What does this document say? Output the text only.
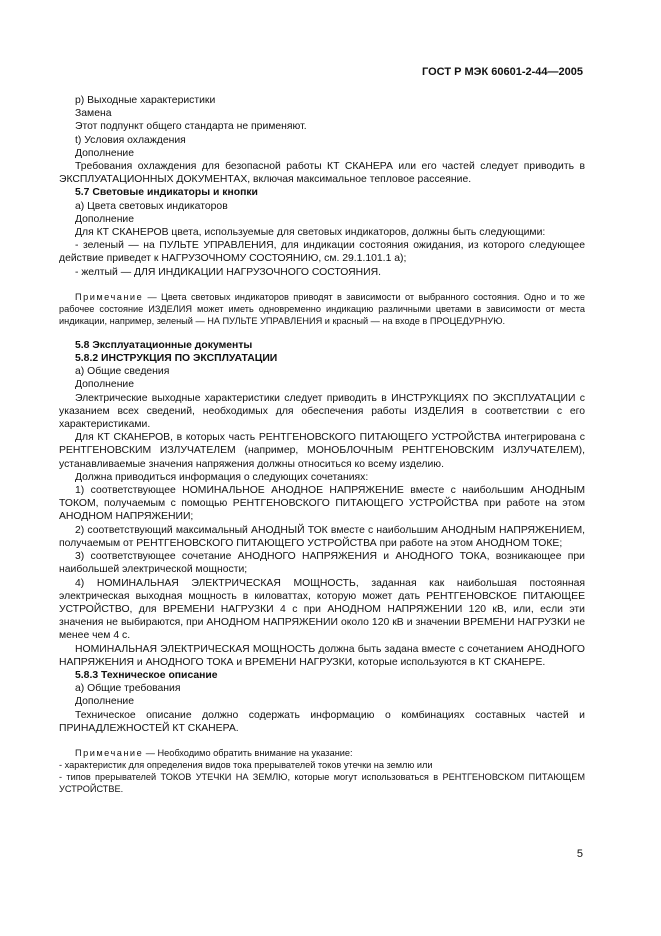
ГОСТ Р МЭК 60601-2-44—2005

р) Выходные характеристики

Замена

Этот подпункт общего стандарта не применяют.

t) Условия охлаждения

Дополнение

Требования охлаждения для безопасной работы КТ СКАНЕРА или его частей следует приводить в ЭКСПЛУАТАЦИОННЫХ ДОКУМЕНТАХ, включая максимальное тепловое рассеяние.

5.7 Световые индикаторы и кнопки

а) Цвета световых индикаторов

Дополнение

Для КТ СКАНЕРОВ цвета, используемые для световых индикаторов, должны быть следующими:

- зеленый — на ПУЛЬТЕ УПРАВЛЕНИЯ, для индикации состояния ожидания, из которого следующее действие приведет к НАГРУЗОЧНОМУ СОСТОЯНИЮ, см. 29.1.101.1 а);

- желтый — ДЛЯ ИНДИКАЦИИ НАГРУЗОЧНОГО СОСТОЯНИЯ.

Примечание — Цвета световых индикаторов приводят в зависимости от выбранного состояния. Одно и то же рабочее состояние ИЗДЕЛИЯ может иметь одновременно индикацию различными цветами в зависимости от места индикации, например, зеленый — НА ПУЛЬТЕ УПРАВЛЕНИЯ и красный — на входе в ПРОЦЕДУРНУЮ.

5.8 Эксплуатационные документы

5.8.2 ИНСТРУКЦИЯ ПО ЭКСПЛУАТАЦИИ

а) Общие сведения

Дополнение

Электрические выходные характеристики следует приводить в ИНСТРУКЦИЯХ ПО ЭКСПЛУАТАЦИИ с указанием всех сведений, необходимых для обеспечения работы ИЗДЕЛИЯ в соответствии с его характеристиками.

Для КТ СКАНЕРОВ, в которых часть РЕНТГЕНОВСКОГО ПИТАЮЩЕГО УСТРОЙСТВА интегрирована с РЕНТГЕНОВСКИМ ИЗЛУЧАТЕЛЕМ (например, МОНОБЛОЧНЫМ РЕНТГЕНОВСКИМ ИЗЛУЧАТЕЛЕМ), устанавливаемые значения напряжения должны относиться ко всему изделию.

Должна приводиться информация о следующих сочетаниях:

1) соответствующее НОМИНАЛЬНОЕ АНОДНОЕ НАПРЯЖЕНИЕ вместе с наибольшим АНОДНЫМ ТОКОМ, получаемым с помощью РЕНТГЕНОВСКОГО ПИТАЮЩЕГО УСТРОЙСТВА при работе на этом АНОДНОМ НАПРЯЖЕНИИ;

2) соответствующий максимальный АНОДНЫЙ ТОК вместе с наибольшим АНОДНЫМ НАПРЯЖЕНИЕМ, получаемым от РЕНТГЕНОВСКОГО ПИТАЮЩЕГО УСТРОЙСТВА при работе на этом АНОДНОМ ТОКЕ;

3) соответствующее сочетание АНОДНОГО НАПРЯЖЕНИЯ и АНОДНОГО ТОКА, возникающее при наибольшей электрической мощности;

4) НОМИНАЛЬНАЯ ЭЛЕКТРИЧЕСКАЯ МОЩНОСТЬ, заданная как наибольшая постоянная электрическая выходная мощность в киловаттах, которую может дать РЕНТГЕНОВСКОЕ ПИТАЮЩЕЕ УСТРОЙСТВО, для ВРЕМЕНИ НАГРУЗКИ 4 с при АНОДНОМ НАПРЯЖЕНИИ 120 кВ, или, если эти значения не выбираются, при АНОДНОМ НАПРЯЖЕНИИ около 120 кВ и значении ВРЕМЕНИ НАГРУЗКИ не менее чем 4 с.

НОМИНАЛЬНАЯ ЭЛЕКТРИЧЕСКАЯ МОЩНОСТЬ должна быть задана вместе с сочетанием АНОДНОГО НАПРЯЖЕНИЯ и АНОДНОГО ТОКА и ВРЕМЕНИ НАГРУЗКИ, которые используются в КТ СКАНЕРЕ.

5.8.3 Техническое описание

а) Общие требования

Дополнение

Техническое описание должно содержать информацию о комбинациях составных частей и ПРИНАДЛЕЖНОСТЕЙ КТ СКАНЕРА.

Примечание — Необходимо обратить внимание на указание:

- характеристик для определения видов тока прерывателей токов утечки на землю или

- типов прерывателей ТОКОВ УТЕЧКИ НА ЗЕМЛЮ, которые могут использоваться в РЕНТГЕНОВСКОМ ПИТАЮЩЕМ УСТРОЙСТВЕ.

5
